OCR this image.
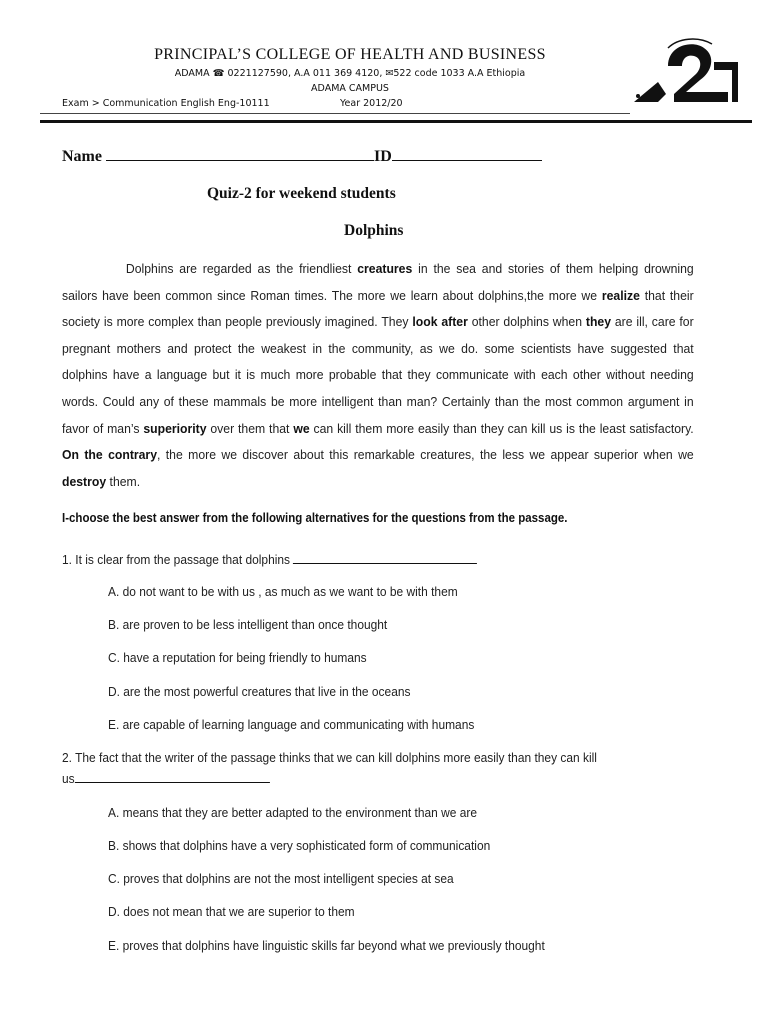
PRINCIPAL’S COLLEGE OF HEALTH AND BUSINESS
ADAMA ☎ 0221127590, A.A 011 369 4120, ✉522 code 1033 A.A Ethiopia
ADAMA CAMPUS
Exam > Communication English Eng-10111	Year 2012/20
Name	ID
Quiz-2 for weekend students
Dolphins

Dolphins are regarded as the friendliest creatures in the sea and stories of them helping drowning sailors have been common since Roman times. The more we learn about dolphins,the more we realize that their society is more complex than people previously imagined. They look after other dolphins when they are ill, care for pregnant mothers and protect the weakest in the community, as we do. some scientists have suggested that dolphins have a language but it is much more probable that they communicate with each other without needing words. Could any of these mammals be more intelligent than man? Certainly than the most common argument in favor of man’s superiority over them that we can kill them more easily than they can kill us is the least satisfactory. On the contrary, the more we discover about this remarkable creatures, the less we appear superior when we destroy them.

I-choose the best answer from the following alternatives for the questions from the passage.
1. It is clear from the passage that dolphins
A. do not want to be with us , as much as we want to be with them
B. are proven to be less intelligent than once thought
C. have a reputation for being friendly to humans
D. are the most powerful creatures that live in the oceans
E. are capable of learning language and communicating with humans
2. The fact that the writer of the passage thinks that we can kill dolphins more easily than they can kill
us
A. means that they are better adapted to the environment than we are
B. shows that dolphins have a very sophisticated form of communication
C. proves that dolphins are not the most intelligent species at sea
D. does not mean that we are superior to them
E. proves that dolphins have linguistic skills far beyond what we previously thought
